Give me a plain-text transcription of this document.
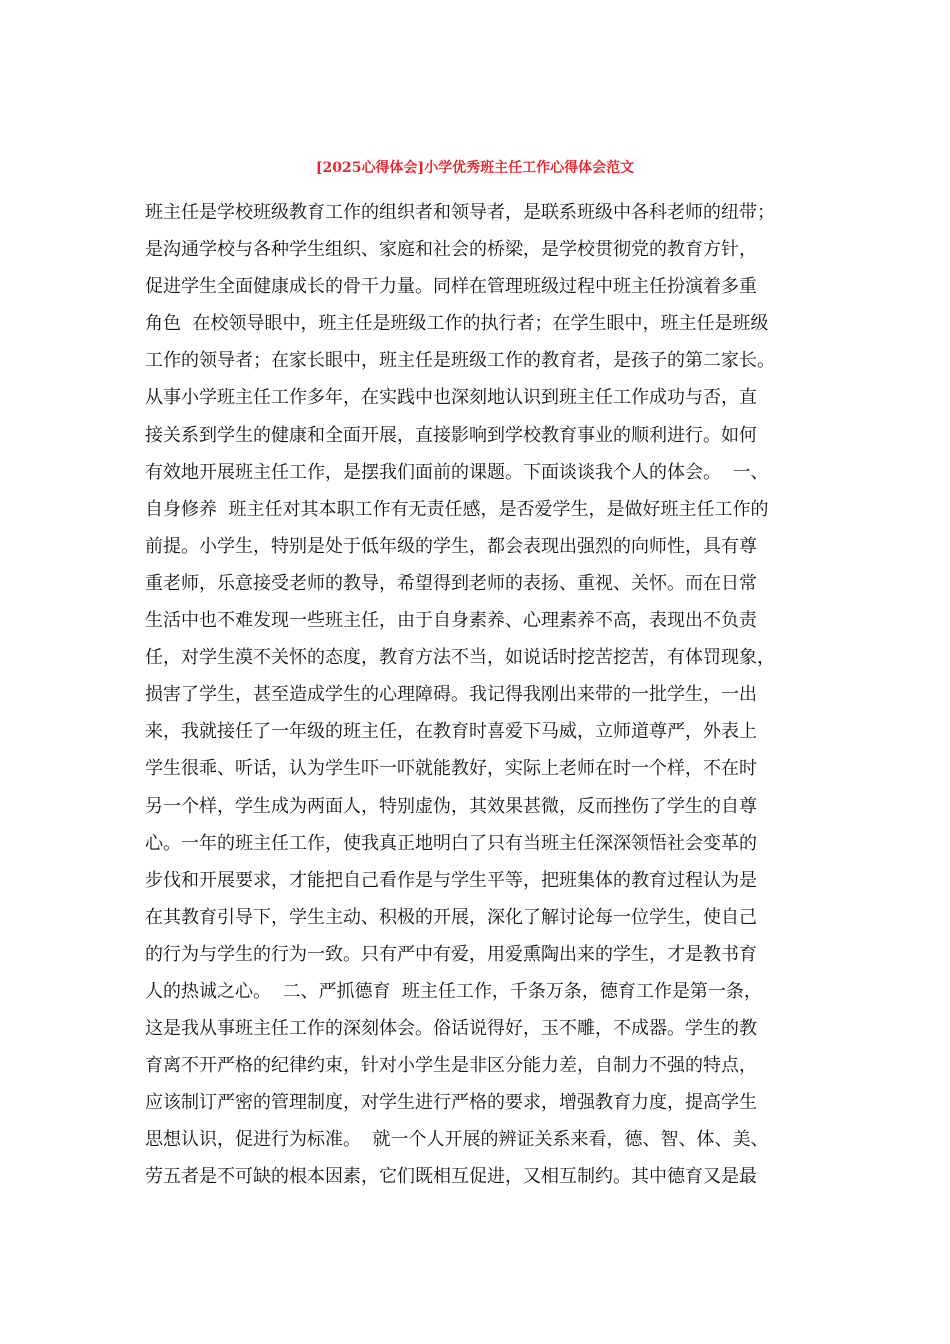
[2025心得体会]小学优秀班主任工作心得体会范文
班主任是学校班级教育工作的组织者和领导者，是联系班级中各科老师的纽带；
是沟通学校与各种学生组织、家庭和社会的桥梁，是学校贯彻党的教育方针，
促进学生全面健康成长的骨干力量。同样在管理班级过程中班主任扮演着多重
角色  在校领导眼中，班主任是班级工作的执行者；在学生眼中，班主任是班级
工作的领导者；在家长眼中，班主任是班级工作的教育者，是孩子的第二家长。
从事小学班主任工作多年，在实践中也深刻地认识到班主任工作成功与否，直
接关系到学生的健康和全面开展，直接影响到学校教育事业的顺利进行。如何
有效地开展班主任工作，是摆我们面前的课题。下面谈谈我个人的体会。  一、
自身修养  班主任对其本职工作有无责任感，是否爱学生，是做好班主任工作的
前提。小学生，特别是处于低年级的学生，都会表现出强烈的向师性，具有尊
重老师，乐意接受老师的教导，希望得到老师的表扬、重视、关怀。而在日常
生活中也不难发现一些班主任，由于自身素养、心理素养不高，表现出不负责
任，对学生漠不关怀的态度，教育方法不当，如说话时挖苦挖苦，有体罚现象，
损害了学生，甚至造成学生的心理障碍。我记得我刚出来带的一批学生，一出
来，我就接任了一年级的班主任，在教育时喜爱下马威，立师道尊严，外表上
学生很乖、听话，认为学生吓一吓就能教好，实际上老师在时一个样，不在时
另一个样，学生成为两面人，特别虚伪，其效果甚微，反而挫伤了学生的自尊
心。一年的班主任工作，使我真正地明白了只有当班主任深深领悟社会变革的
步伐和开展要求，才能把自己看作是与学生平等，把班集体的教育过程认为是
在其教育引导下，学生主动、积极的开展，深化了解讨论每一位学生，使自己
的行为与学生的行为一致。只有严中有爱，用爱熏陶出来的学生，才是教书育
人的热诚之心。  二、严抓德育  班主任工作，千条万条，德育工作是第一条，
这是我从事班主任工作的深刻体会。俗话说得好，玉不雕，不成器。学生的教
育离不开严格的纪律约束，针对小学生是非区分能力差，自制力不强的特点，
应该制订严密的管理制度，对学生进行严格的要求，增强教育力度，提高学生
思想认识，促进行为标准。  就一个人开展的辨证关系来看，德、智、体、美、
劳五者是不可缺的根本因素，它们既相互促进，又相互制约。其中德育又是最
